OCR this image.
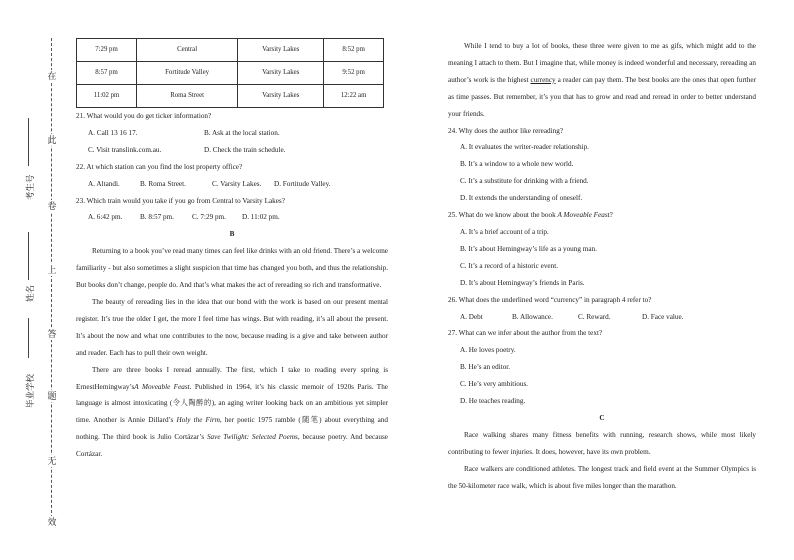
在
此
卷
上
答
题
无
效
考生号
姓名
毕业学校
7:29 pm	Central	Varsity Lakes	8:52 pm
8:57 pm	Fortitude Valley	Varsity Lakes	9:52 pm
11:02 pm	Roma Street	Varsity Lakes	12:22 am

21. What would you do get ticker information?

A. Call 13 16 17.	B. Ask at the local station.
C. Visit translink.com.au.	D. Check the train schedule.

22. At which station can you find the lost property office?

A. Altandi.	B. Roma Street.	C. Varsity Lakes.	D. Fortitude Valley.

23. Which train would you take if you go from Central to Varsity Lakes?

A. 6:42 pm.	B. 8:57 pm.	C. 7:29 pm.	D. 11:02 pm.

B

Returning to a book you’ve read many times can feel like drinks with an old friend. There’s a welcome familiarity - but also sometimes a slight suspicion that time has changed you both, and thus the relationship. But books don’t change, people do. And that’s what makes the act of rereading so rich and transformative.

The beauty of rereading lies in the idea that our bond with the work is based on our present mental register. It’s true the older I get, the more I feel time has wings. But with reading, it’s all about the present. It’s about the now and what one contributes to the now, because reading is a give and take between author and reader. Each has to pull their own weight.

There are three books I reread annually. The first, which I take to reading every spring is ErnestHemingway’sA Moveable Feast. Published in 1964, it’s his classic memoir of 1920s Paris. The language is almost intoxicating (令人陶醉的), an aging writer looking back on an ambitious yet simpler time. Another is Annie Dillard’s Holy the Firm, her poetic 1975 ramble (随笔) about everything and nothing. The third book is Julio Cortázar’s Save Twilight: Selected Poems, because poetry. And because Cortázar.

While I tend to buy a lot of books, these three were given to me as gifs, which might add to the meaning I attach to them. But I imagine that, while money is indeed wonderful and necessary, rereading an author’s work is the highest currency a reader can pay them. The best books are the ones that open further as time passes. But remember, it’s you that has to grow and read and reread in order to better understand your friends.

24. Why does the author like rereading?

A. It evaluates the writer-reader relationship.

B. It’s a window to a whole new world.

C. It’s a substitute for drinking with a friend.

D. It extends the understanding of oneself.

25. What do we know about the book A Moveable Feast?

A. It’s a brief account of a trip.

B. It’s about Hemingway’s life as a young man.

C. It’s a record of a historic event.

D. It’s about Hemingway’s friends in Paris.

26. What does the underlined word “currency” in paragraph 4 refer to?

A. Debt	B. Allowance.	C. Reward.	D. Face value.

27. What can we infer about the author from the text?

A. He loves poetry.

B. He’s an editor.

C. He’s very ambitious.

D. He teaches reading.

C

Race walking shares many fitness benefits with running, research shows, while most likely contributing to fewer injuries. It does, however, have its own problem.

Race walkers are conditioned athletes. The longest track and field event at the Summer Olympics is the 50-kilometer race walk, which is about five miles longer than the marathon.
